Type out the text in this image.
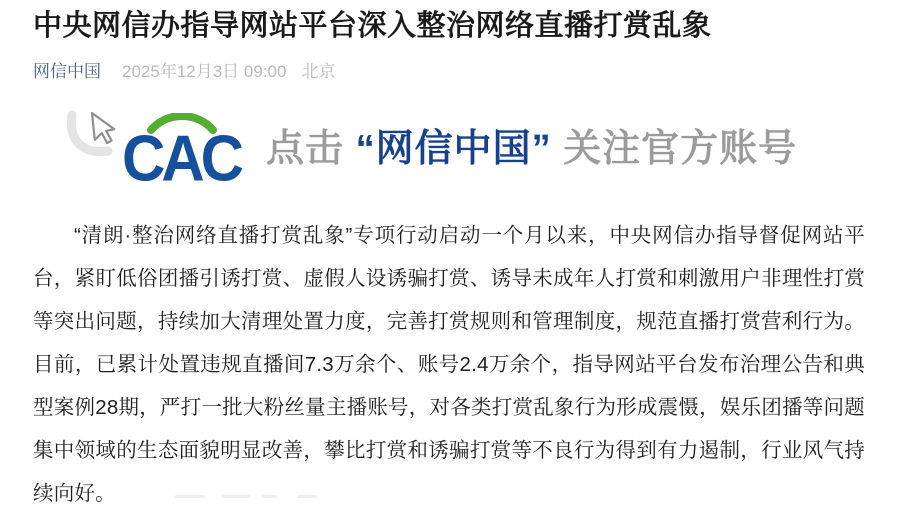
中央网信办指导网站平台深入整治网络直播打赏乱象
网信中国 2025年12月3日 09:00 北京
CAC 点击 “网信中国” 关注官方账号

“清朗·整治网络直播打赏乱象”专项行动启动一个月以来，中央网信办指导督促网站平台，紧盯低俗团播引诱打赏、虚假人设诱骗打赏、诱导未成年人打赏和刺激用户非理性打赏等突出问题，持续加大清理处置力度，完善打赏规则和管理制度，规范直播打赏营利行为。目前，已累计处置违规直播间7.3万余个、账号2.4万余个，指导网站平台发布治理公告和典型案例28期，严打一批大粉丝量主播账号，对各类打赏乱象行为形成震慑，娱乐团播等问题集中领域的生态面貌明显改善，攀比打赏和诱骗打赏等不良行为得到有力遏制，行业风气持续向好。
